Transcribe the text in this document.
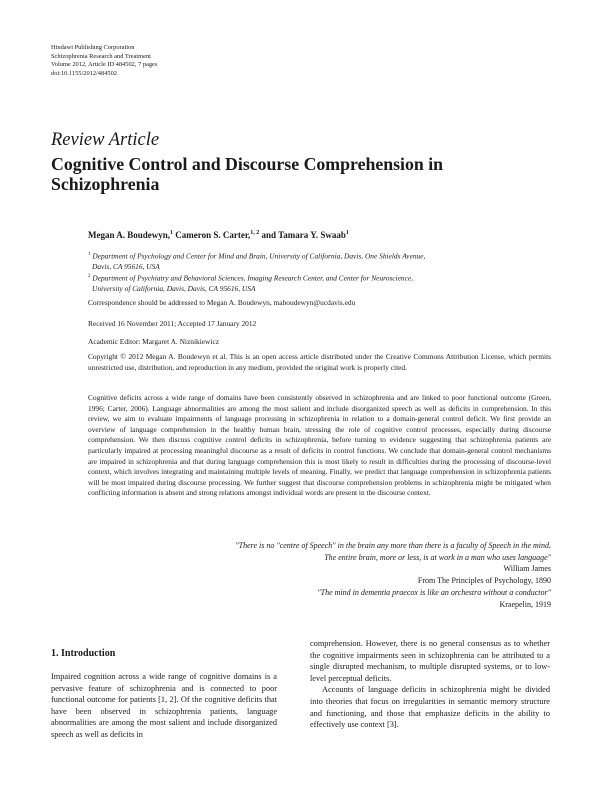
Hindawi Publishing Corporation
Schizophrenia Research and Treatment
Volume 2012, Article ID 484502, 7 pages
doi:10.1155/2012/484502
Review Article
Cognitive Control and Discourse Comprehension in Schizophrenia
Megan A. Boudewyn,$^1$ Cameron S. Carter,$^{1, 2}$ and Tamara Y. Swaab$^1$
$^1$ Department of Psychology and Center for Mind and Brain, University of California, Davis, One Shields Avenue,
Davis, CA 95616, USA
$^2$ Department of Psychiatry and Behavioral Sciences, Imaging Research Center, and Center for Neuroscience,
University of California, Davis, Davis, CA 95616, USA
Correspondence should be addressed to Megan A. Boudewyn, maboudewyn@ucdavis.edu
Received 16 November 2011; Accepted 17 January 2012
Academic Editor: Margaret A. Niznikiewicz
Copyright © 2012 Megan A. Boudewyn et al. This is an open access article distributed under the Creative Commons Attribution License, which permits unrestricted use, distribution, and reproduction in any medium, provided the original work is properly cited.
Cognitive deficits across a wide range of domains have been consistently observed in schizophrenia and are linked to poor functional outcome (Green, 1996; Carter, 2006). Language abnormalities are among the most salient and include disorganized speech as well as deficits in comprehension. In this review, we aim to evaluate impairments of language processing in schizophrenia in relation to a domain-general control deficit. We first provide an overview of language comprehension in the healthy human brain, stressing the role of cognitive control processes, especially during discourse comprehension. We then discuss cognitive control deficits in schizophrenia, before turning to evidence suggesting that schizophrenia patients are particularly impaired at processing meaningful discourse as a result of deficits in control functions. We conclude that domain-general control mechanisms are impaired in schizophrenia and that during language comprehension this is most likely to result in difficulties during the processing of discourse-level context, which involves integrating and maintaining multiple levels of meaning. Finally, we predict that language comprehension in schizophrenia patients will be most impaired during discourse processing. We further suggest that discourse comprehension problems in schizophrenia might be mitigated when conflicting information is absent and strong relations amongst individual words are present in the discourse context.
"There is no "centre of Speech" in the brain any more than there is a faculty of Speech in the mind.
The entire brain, more or less, is at work in a man who uses language"
William James
From The Principles of Psychology, 1890
"The mind in dementia praecox is like an orchestra without a conductor"
Kraepelin, 1919
1. Introduction

Impaired cognition across a wide range of cognitive domains is a pervasive feature of schizophrenia and is connected to poor functional outcome for patients [1, 2]. Of the cognitive deficits that have been observed in schizophrenia patients, language abnormalities are among the most salient and include disorganized speech as well as deficits in

comprehension. However, there is no general consensus as to whether the cognitive impairments seen in schizophrenia can be attributed to a single disrupted mechanism, to multiple disrupted systems, or to low-level perceptual deficits.

Accounts of language deficits in schizophrenia might be divided into theories that focus on irregularities in semantic memory structure and functioning, and those that emphasize deficits in the ability to effectively use context [3].
